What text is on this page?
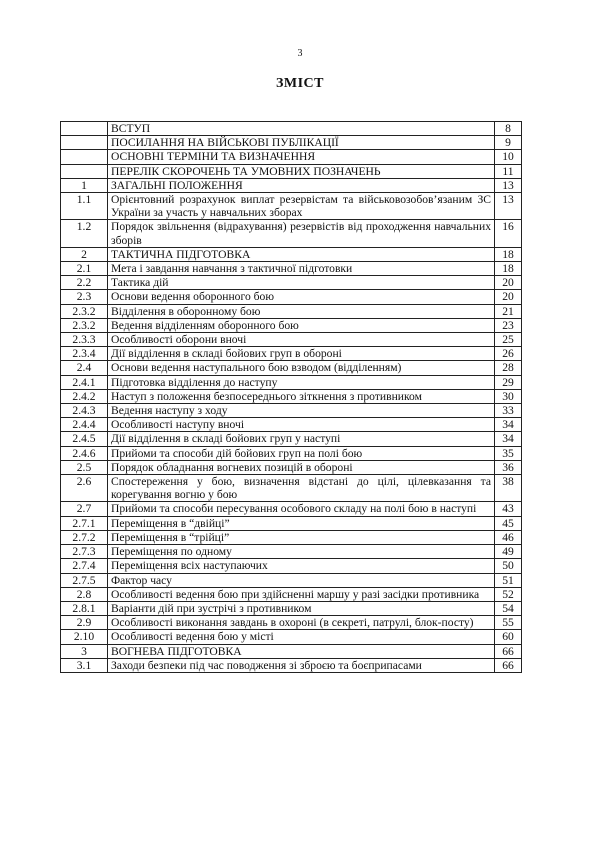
3
ЗМІСТ
	ВСТУП	8
	ПОСИЛАННЯ НА ВІЙСЬКОВІ ПУБЛІКАЦІЇ	9
	ОСНОВНІ ТЕРМІНИ ТА ВИЗНАЧЕННЯ	10
	ПЕРЕЛІК СКОРОЧЕНЬ ТА УМОВНИХ ПОЗНАЧЕНЬ	11
1	ЗАГАЛЬНІ ПОЛОЖЕННЯ	13
1.1	Орієнтовний розрахунок виплат резервістам та військовозобов’язаним ЗС України за участь у навчальних зборах	13
1.2	Порядок звільнення (відрахування) резервістів від проходження навчальних зборів	16
2	ТАКТИЧНА ПІДГОТОВКА	18
2.1	Мета і завдання навчання з тактичної підготовки	18
2.2	Тактика дій	20
2.3	Основи ведення оборонного бою	20
2.3.2	Відділення в оборонному бою	21
2.3.2	Ведення відділенням оборонного бою	23
2.3.3	Особливості оборони вночі	25
2.3.4	Дії відділення в складі бойових груп в обороні	26
2.4	Основи ведення наступального бою взводом (відділенням)	28
2.4.1	Підготовка відділення до наступу	29
2.4.2	Наступ з положення безпосереднього зіткнення з противником	30
2.4.3	Ведення наступу з ходу	33
2.4.4	Особливості наступу вночі	34
2.4.5	Дії відділення в складі бойових груп у наступі	34
2.4.6	Прийоми та способи дій бойових груп на полі бою	35
2.5	Порядок обладнання вогневих позицій в обороні	36
2.6	Спостереження у бою, визначення відстані до цілі, цілевказання та корегування вогню у бою	38
2.7	Прийоми та способи пересування особового складу на полі бою в наступі	43
2.7.1	Переміщення в “двійці”	45
2.7.2	Переміщення в “трійці”	46
2.7.3	Переміщення по одному	49
2.7.4	Переміщення всіх наступаючих	50
2.7.5	Фактор часу	51
2.8	Особливості ведення бою при здійсненні маршу у разі засідки противника	52
2.8.1	Варіанти дій при зустрічі з противником	54
2.9	Особливості виконання завдань в охороні (в секреті, патрулі, блок-посту)	55
2.10	Особливості ведення бою у місті	60
3	ВОГНЕВА ПІДГОТОВКА	66
3.1	Заходи безпеки під час поводження зі зброєю та боєприпасами	66
